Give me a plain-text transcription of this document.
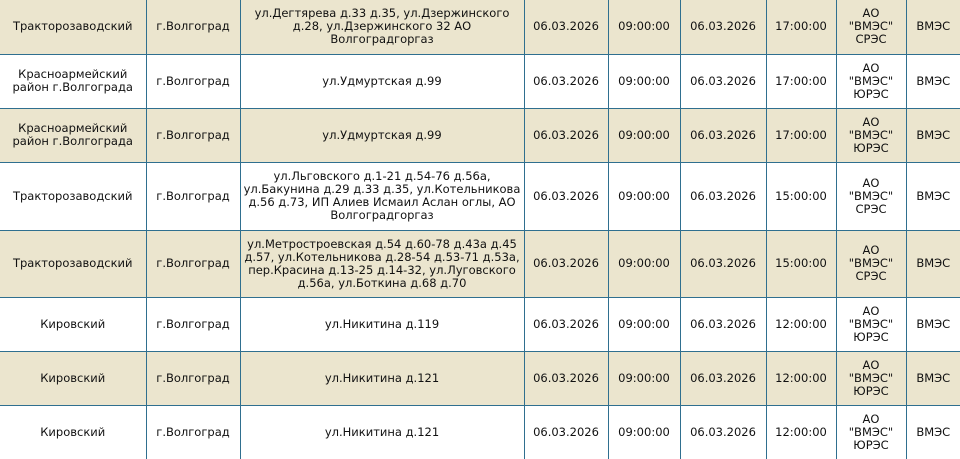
Тракторозаводский	г.Волгоград	ул.Дегтярева д.33 д.35, ул.Дзержинского д.28, ул.Дзержинского 32 АО Волгоградгоргаз	06.03.2026	09:00:00	06.03.2026	17:00:00	АО "ВМЭС" СРЭС	ВМЭС
Красноармейский район г.Волгограда	г.Волгоград	ул.Удмуртская д.99	06.03.2026	09:00:00	06.03.2026	17:00:00	АО "ВМЭС" ЮРЭС	ВМЭС
Красноармейский район г.Волгограда	г.Волгоград	ул.Удмуртская д.99	06.03.2026	09:00:00	06.03.2026	17:00:00	АО "ВМЭС" ЮРЭС	ВМЭС
Тракторозаводский	г.Волгоград	ул.Льговского д.1-21 д.54-76 д.56а, ул.Бакунина д.29 д.33 д.35, ул.Котельникова д.56 д.73, ИП Алиев Исмаил Аслан оглы, АО Волгоградгоргаз	06.03.2026	09:00:00	06.03.2026	15:00:00	АО "ВМЭС" СРЭС	ВМЭС
Тракторозаводский	г.Волгоград	ул.Метростроевская д.54 д.60-78 д.43а д.45 д.57, ул.Котельникова д.28-54 д.53-71 д.53а, пер.Красина д.13-25 д.14-32, ул.Луговского д.56а, ул.Боткина д.68 д.70	06.03.2026	09:00:00	06.03.2026	15:00:00	АО "ВМЭС" СРЭС	ВМЭС
Кировский	г.Волгоград	ул.Никитина д.119	06.03.2026	09:00:00	06.03.2026	12:00:00	АО "ВМЭС" ЮРЭС	ВМЭС
Кировский	г.Волгоград	ул.Никитина д.121	06.03.2026	09:00:00	06.03.2026	12:00:00	АО "ВМЭС" ЮРЭС	ВМЭС
Кировский	г.Волгоград	ул.Никитина д.121	06.03.2026	09:00:00	06.03.2026	12:00:00	АО "ВМЭС" ЮРЭС	ВМЭС
